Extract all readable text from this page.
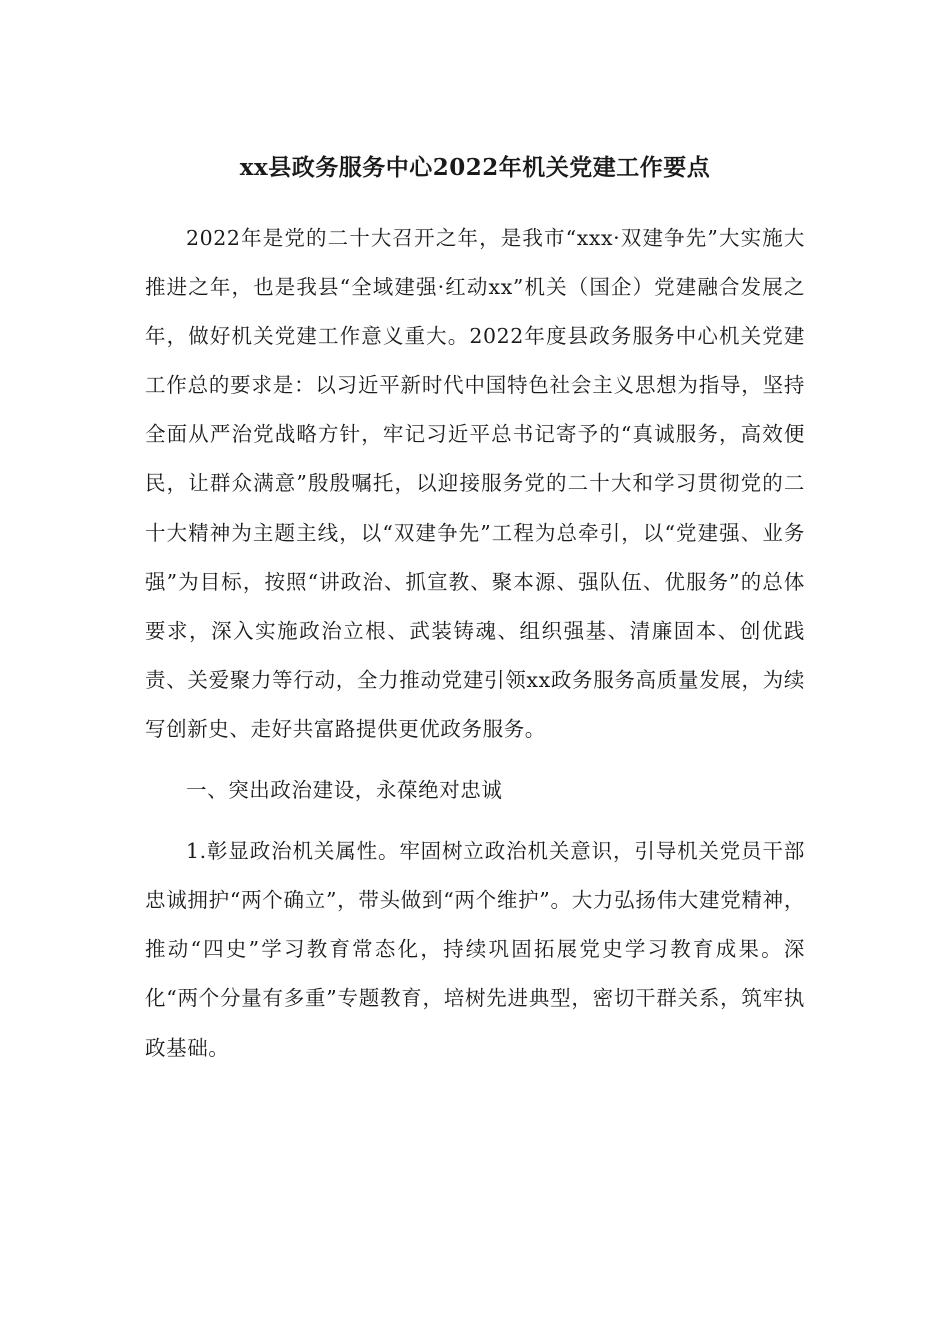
xx县政务服务中心2022年机关党建工作要点

2022年是党的二十大召开之年，是我市“xxx·双建争先”大实施大推进之年，也是我县“全域建强·红动xx”机关（国企）党建融合发展之年，做好机关党建工作意义重大。2022年度县政务服务中心机关党建工作总的要求是：以习近平新时代中国特色社会主义思想为指导，坚持全面从严治党战略方针，牢记习近平总书记寄予的“真诚服务，高效便民，让群众满意”殷殷嘱托，以迎接服务党的二十大和学习贯彻党的二十大精神为主题主线，以“双建争先”工程为总牵引，以“党建强、业务强”为目标，按照“讲政治、抓宣教、聚本源、强队伍、优服务”的总体要求，深入实施政治立根、武装铸魂、组织强基、清廉固本、创优践责、关爱聚力等行动，全力推动党建引领xx政务服务高质量发展，为续写创新史、走好共富路提供更优政务服务。

一、突出政治建设，永葆绝对忠诚

1.彰显政治机关属性。牢固树立政治机关意识，引导机关党员干部忠诚拥护“两个确立”，带头做到“两个维护”。大力弘扬伟大建党精神，推动“四史”学习教育常态化，持续巩固拓展党史学习教育成果。深化“两个分量有多重”专题教育，培树先进典型，密切干群关系，筑牢执政基础。
